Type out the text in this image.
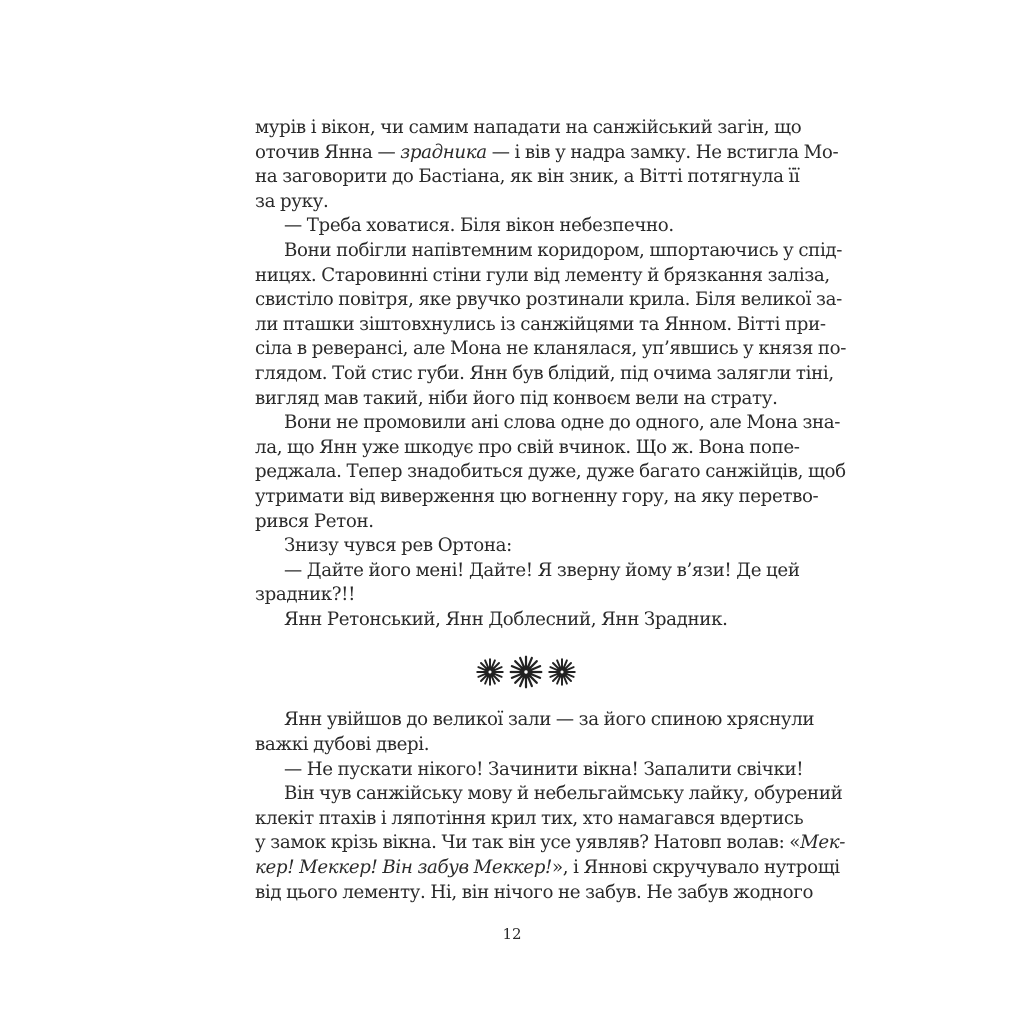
мурів і вікон, чи самим нападати на санжійський загін, що
оточив Янна — зрадника — і вів у надра замку. Не встигла Мо-
на заговорити до Бастіана, як він зник, а Вітті потягнула її
за руку.
— Треба ховатися. Біля вікон небезпечно.
Вони побігли напівтемним коридором, шпортаючись у спід-
ницях. Старовинні стіни гули від лементу й брязкання заліза,
свистіло повітря, яке рвучко розтинали крила. Біля великої за-
ли пташки зіштовхнулись із санжійцями та Янном. Вітті при-
сіла в реверансі, але Мона не кланялася, уп’явшись у князя по-
глядом. Той стис губи. Янн був блідий, під очима залягли тіні,
вигляд мав такий, ніби його під конвоєм вели на страту.
Вони не промовили ані слова одне до одного, але Мона зна-
ла, що Янн уже шкодує про свій вчинок. Що ж. Вона попе-
реджала. Тепер знадобиться дуже, дуже багато санжійців, щоб
утримати від виверження цю вогненну гору, на яку перетво-
рився Ретон.
Знизу чувся рев Ортона:
— Дайте його мені! Дайте! Я зверну йому в’язи! Де цей
зрадник?!!
Янн Ретонський, Янн Доблесний, Янн Зрадник.
Янн увійшов до великої зали — за його спиною хряснули
важкі дубові двері.
— Не пускати нікого! Зачинити вікна! Запалити свічки!
Він чув санжійську мову й небельгаймську лайку, обурений
клекіт птахів і ляпотіння крил тих, хто намагався вдертись
у замок крізь вікна. Чи так він усе уявляв? Натовп волав: «Мек-
кер! Меккер! Він забув Меккер!», і Яннові скручувало нутрощі
від цього лементу. Ні, він нічого не забув. Не забув жодного
12
